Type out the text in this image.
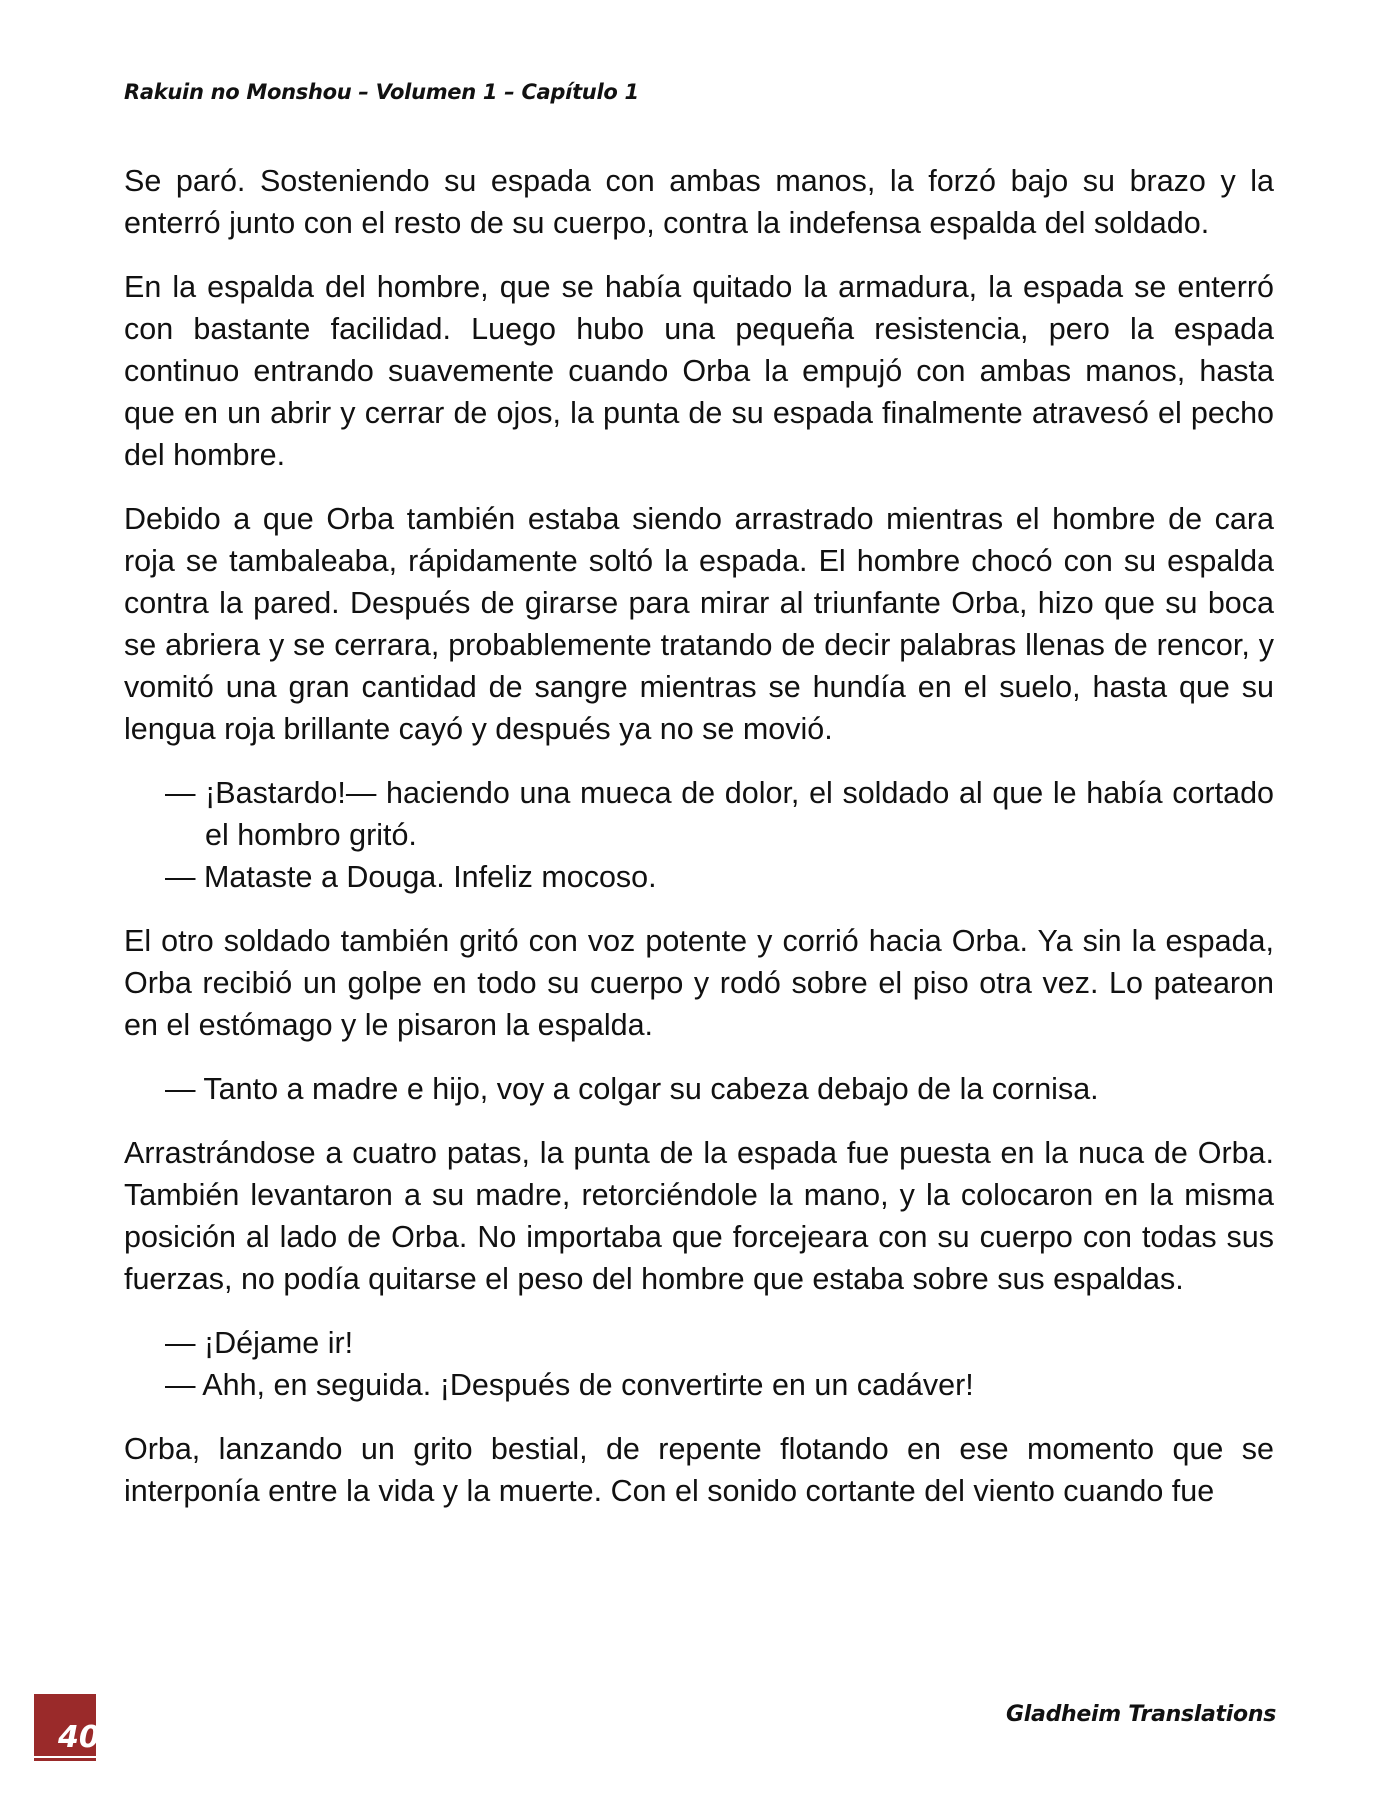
Rakuin no Monshou – Volumen 1 – Capítulo 1

Se paró. Sosteniendo su espada con ambas manos, la forzó bajo su brazo y la enterró junto con el resto de su cuerpo, contra la indefensa espalda del soldado.

En la espalda del hombre, que se había quitado la armadura, la espada se enterró con bastante facilidad. Luego hubo una pequeña resistencia, pero la espada continuo entrando suavemente cuando Orba la empujó con ambas manos, hasta que en un abrir y cerrar de ojos, la punta de su espada finalmente atravesó el pecho del hombre.

Debido a que Orba también estaba siendo arrastrado mientras el hombre de cara roja se tambaleaba, rápidamente soltó la espada. El hombre chocó con su espalda contra la pared. Después de girarse para mirar al triunfante Orba, hizo que su boca se abriera y se cerrara, probablemente tratando de decir palabras llenas de rencor, y vomitó una gran cantidad de sangre mientras se hundía en el suelo, hasta que su lengua roja brillante cayó y después ya no se movió.

— ¡Bastardo!— haciendo una mueca de dolor, el soldado al que le había cortado el hombro gritó.

— Mataste a Douga. Infeliz mocoso.

El otro soldado también gritó con voz potente y corrió hacia Orba. Ya sin la espada, Orba recibió un golpe en todo su cuerpo y rodó sobre el piso otra vez. Lo patearon en el estómago y le pisaron la espalda.

— Tanto a madre e hijo, voy a colgar su cabeza debajo de la cornisa.

Arrastrándose a cuatro patas, la punta de la espada fue puesta en la nuca de Orba. También levantaron a su madre, retorciéndole la mano, y la colocaron en la misma posición al lado de Orba. No importaba que forcejeara con su cuerpo con todas sus fuerzas, no podía quitarse el peso del hombre que estaba sobre sus espaldas.

— ¡Déjame ir!

— Ahh, en seguida. ¡Después de convertirte en un cadáver!

Orba, lanzando un grito bestial, de repente flotando en ese momento que se interponía entre la vida y la muerte. Con el sonido cortante del viento cuando fue

40
Gladheim Translations
